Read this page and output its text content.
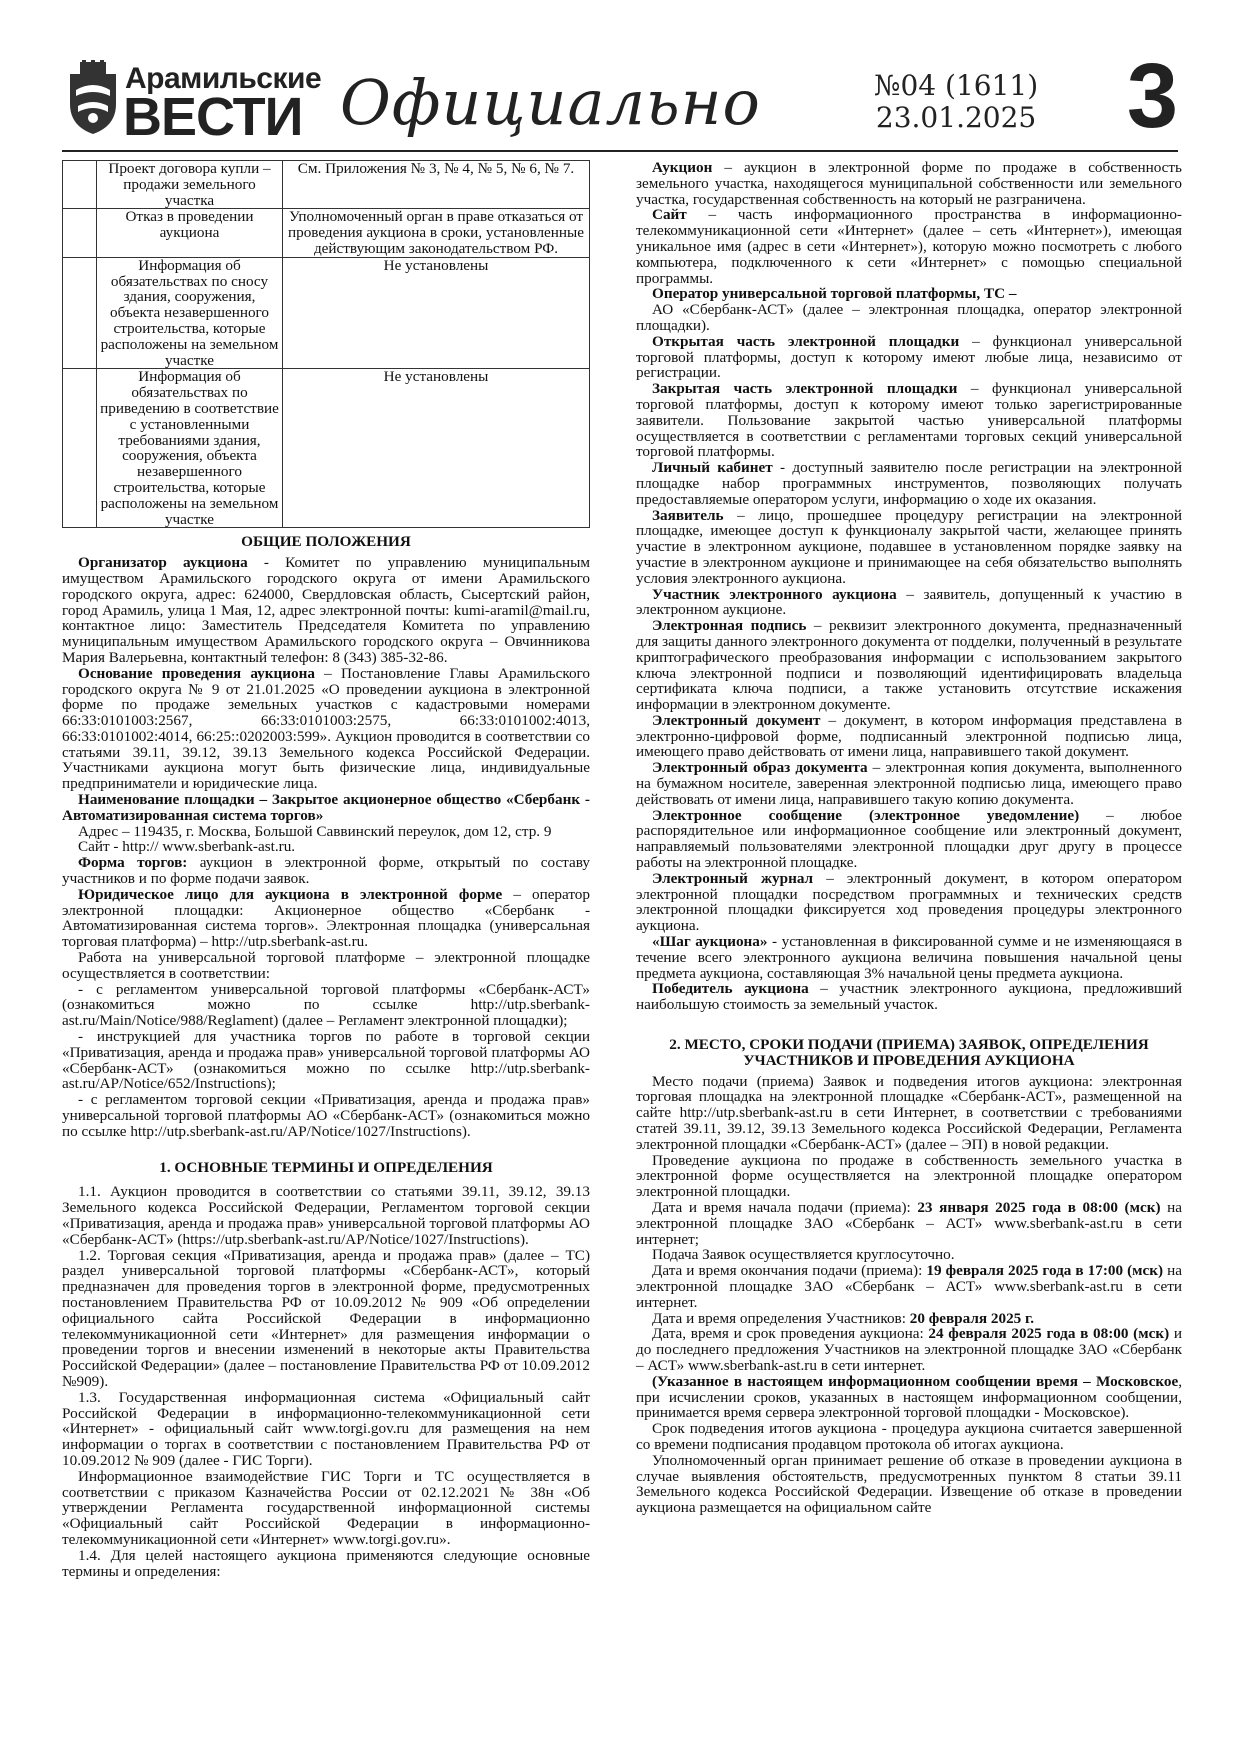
Арамильские
ВЕСТИ Официально	№04 (1611)
23.01.2025 3
	Проект договора купли –продажи земельного участка	См. Приложения № 3, № 4, № 5, № 6, № 7.
	Отказ в проведении аукциона	Уполномоченный орган в праве отказаться от проведения аукциона в сроки, установленные действующим законодательством РФ.
	Информация об обязательствах по сносу здания, сооружения, объекта незавершенного строительства, которые расположены на земельном участке	Не установлены
	Информация об обязательствах по приведению в соответствие с установленными требованиями здания, сооружения, объекта незавершенного строительства, которые расположены на земельном участке	Не установлены
ОБЩИЕ ПОЛОЖЕНИЯ

Организатор аукциона - Комитет по управлению муниципальным имуществом Арамильского городского округа от имени Арамильского городского округа, адрес: 624000, Свердловская область, Сысертский район, город Арамиль, улица 1 Мая, 12, адрес электронной почты: kumi-aramil@mail.ru, контактное лицо: Заместитель Председателя Комитета по управлению муниципальным имуществом Арамильского городского округа – Овчинникова Мария Валерьевна, контактный телефон: 8 (343) 385-32-86.

Основание проведения аукциона – Постановление Главы Арамильского городского округа № 9 от 21.01.2025 «О проведении аукциона в электронной форме по продаже земельных участков с кадастровыми номерами 66:33:0101003:2567, 66:33:0101003:2575, 66:33:0101002:4013, 66:33:0101002:4014, 66:25::0202003:599». Аукцион проводится в соответствии со статьями 39.11, 39.12, 39.13 Земельного кодекса Российской Федерации. Участниками аукциона могут быть физические лица, индивидуальные предприниматели и юридические лица.

Наименование площадки – Закрытое акционерное общество «Сбербанк - Автоматизированная система торгов»

Адрес – 119435, г. Москва, Большой Саввинский переулок, дом 12, стр. 9

Сайт - http:// www.sberbank-ast.ru.

Форма торгов: аукцион в электронной форме, открытый по составу участников и по форме подачи заявок.

Юридическое лицо для аукциона в электронной форме – оператор электронной площадки: Акционерное общество «Сбербанк - Автоматизированная система торгов». Электронная площадка (универсальная торговая платформа) – http://utp.sberbank-ast.ru.

Работа на универсальной торговой платформе – электронной площадке осуществляется в соответствии:

- с регламентом универсальной торговой платформы «Сбербанк-АСТ» (ознакомиться можно по ссылке http://utp.sberbank-ast.ru/Main/Notice/988/Reglament) (далее – Регламент электронной площадки);

- инструкцией для участника торгов по работе в торговой секции «Приватизация, аренда и продажа прав» универсальной торговой платформы АО «Сбербанк-АСТ» (ознакомиться можно по ссылке http://utp.sberbank-ast.ru/AP/Notice/652/Instructions);

- с регламентом торговой секции «Приватизация, аренда и продажа прав» универсальной торговой платформы АО «Сбербанк-АСТ» (ознакомиться можно по ссылке http://utp.sberbank-ast.ru/AP/Notice/1027/Instructions).

1. ОСНОВНЫЕ ТЕРМИНЫ И ОПРЕДЕЛЕНИЯ

1.1. Аукцион проводится в соответствии со статьями 39.11, 39.12, 39.13 Земельного кодекса Российской Федерации, Регламентом торговой секции «Приватизация, аренда и продажа прав» универсальной торговой платформы АО «Сбербанк-АСТ» (https://utp.sberbank-ast.ru/AP/Notice/1027/Instructions).

1.2. Торговая секция «Приватизация, аренда и продажа прав» (далее – ТС) раздел универсальной торговой платформы «Сбербанк-АСТ», который предназначен для проведения торгов в электронной форме, предусмотренных постановлением Правительства РФ от 10.09.2012 № 909 «Об определении официального сайта Российской Федерации в информационно телекоммуникационной сети «Интернет» для размещения информации о проведении торгов и внесении изменений в некоторые акты Правительства Российской Федерации» (далее – постановление Правительства РФ от 10.09.2012 №909).

1.3. Государственная информационная система «Официальный сайт Российской Федерации в информационно-телекоммуникационной сети «Интернет» - официальный сайт www.torgi.gov.ru для размещения на нем информации о торгах в соответствии с постановлением Правительства РФ от 10.09.2012 № 909 (далее - ГИС Торги).

Информационное взаимодействие ГИС Торги и ТС осуществляется в соответствии с приказом Казначейства России от 02.12.2021 № 38н «Об утверждении Регламента государственной информационной системы «Официальный сайт Российской Федерации в информационно-телекоммуникационной сети «Интернет» www.torgi.gov.ru».

1.4. Для целей настоящего аукциона применяются следующие основные термины и определения:

Аукцион – аукцион в электронной форме по продаже в собственность земельного участка, находящегося муниципальной собственности или земельного участка, государственная собственность на который не разграничена.

Сайт – часть информационного пространства в информационно-телекоммуникационной сети «Интернет» (далее – сеть «Интернет»), имеющая уникальное имя (адрес в сети «Интернет»), которую можно посмотреть с любого компьютера, подключенного к сети «Интернет» с помощью специальной программы.

Оператор универсальной торговой платформы, ТС –

АО «Сбербанк-АСТ» (далее – электронная площадка, оператор электронной площадки).

Открытая часть электронной площадки – функционал универсальной торговой платформы, доступ к которому имеют любые лица, независимо от регистрации.

Закрытая часть электронной площадки – функционал универсальной торговой платформы, доступ к которому имеют только зарегистрированные заявители. Пользование закрытой частью универсальной платформы осуществляется в соответствии с регламентами торговых секций универсальной торговой платформы.

Личный кабинет - доступный заявителю после регистрации на электронной площадке набор программных инструментов, позволяющих получать предоставляемые оператором услуги, информацию о ходе их оказания.

Заявитель – лицо, прошедшее процедуру регистрации на электронной площадке, имеющее доступ к функционалу закрытой части, желающее принять участие в электронном аукционе, подавшее в установленном порядке заявку на участие в электронном аукционе и принимающее на себя обязательство выполнять условия электронного аукциона.

Участник электронного аукциона – заявитель, допущенный к участию в электронном аукционе.

Электронная подпись – реквизит электронного документа, предназначенный для защиты данного электронного документа от подделки, полученный в результате криптографического преобразования информации с использованием закрытого ключа электронной подписи и позволяющий идентифицировать владельца сертификата ключа подписи, а также установить отсутствие искажения информации в электронном документе.

Электронный документ – документ, в котором информация представлена в электронно-цифровой форме, подписанный электронной подписью лица, имеющего право действовать от имени лица, направившего такой документ.

Электронный образ документа – электронная копия документа, выполненного на бумажном носителе, заверенная электронной подписью лица, имеющего право действовать от имени лица, направившего такую копию документа.

Электронное сообщение (электронное уведомление) – любое распорядительное или информационное сообщение или электронный документ, направляемый пользователями электронной площадки друг другу в процессе работы на электронной площадке.

Электронный журнал – электронный документ, в котором оператором электронной площадки посредством программных и технических средств электронной площадки фиксируется ход проведения процедуры электронного аукциона.

«Шаг аукциона» - установленная в фиксированной сумме и не изменяющаяся в течение всего электронного аукциона величина повышения начальной цены предмета аукциона, составляющая 3% начальной цены предмета аукциона.

Победитель аукциона – участник электронного аукциона, предложивший наибольшую стоимость за земельный участок.

2. МЕСТО, СРОКИ ПОДАЧИ (ПРИЕМА) ЗАЯВОК, ОПРЕДЕЛЕНИЯ УЧАСТНИКОВ И ПРОВЕДЕНИЯ АУКЦИОНА

Место подачи (приема) Заявок и подведения итогов аукциона: электронная торговая площадка на электронной площадке «Сбербанк-АСТ», размещенной на сайте http://utp.sberbank-ast.ru в сети Интернет, в соответствии с требованиями статей 39.11, 39.12, 39.13 Земельного кодекса Российской Федерации, Регламента электронной площадки «Сбербанк-АСТ» (далее – ЭП) в новой редакции.

Проведение аукциона по продаже в собственность земельного участка в электронной форме осуществляется на электронной площадке оператором электронной площадки.

Дата и время начала подачи (приема): 23 января 2025 года в 08:00 (мск) на электронной площадке ЗАО «Сбербанк – АСТ» www.sberbank-ast.ru в сети интернет;

Подача Заявок осуществляется круглосуточно.

Дата и время окончания подачи (приема): 19 февраля 2025 года в 17:00 (мск) на электронной площадке ЗАО «Сбербанк – АСТ» www.sberbank-ast.ru в сети интернет.

Дата и время определения Участников: 20 февраля 2025 г.

Дата, время и срок проведения аукциона: 24 февраля 2025 года в 08:00 (мск) и до последнего предложения Участников на электронной площадке ЗАО «Сбербанк – АСТ» www.sberbank-ast.ru в сети интернет.

(Указанное в настоящем информационном сообщении время – Московское, при исчислении сроков, указанных в настоящем информационном сообщении, принимается время сервера электронной торговой площадки - Московское).

Срок подведения итогов аукциона - процедура аукциона считается завершенной со времени подписания продавцом протокола об итогах аукциона.

Уполномоченный орган принимает решение об отказе в проведении аукциона в случае выявления обстоятельств, предусмотренных пунктом 8 статьи 39.11 Земельного кодекса Российской Федерации. Извещение об отказе в проведении аукциона размещается на официальном сайте
